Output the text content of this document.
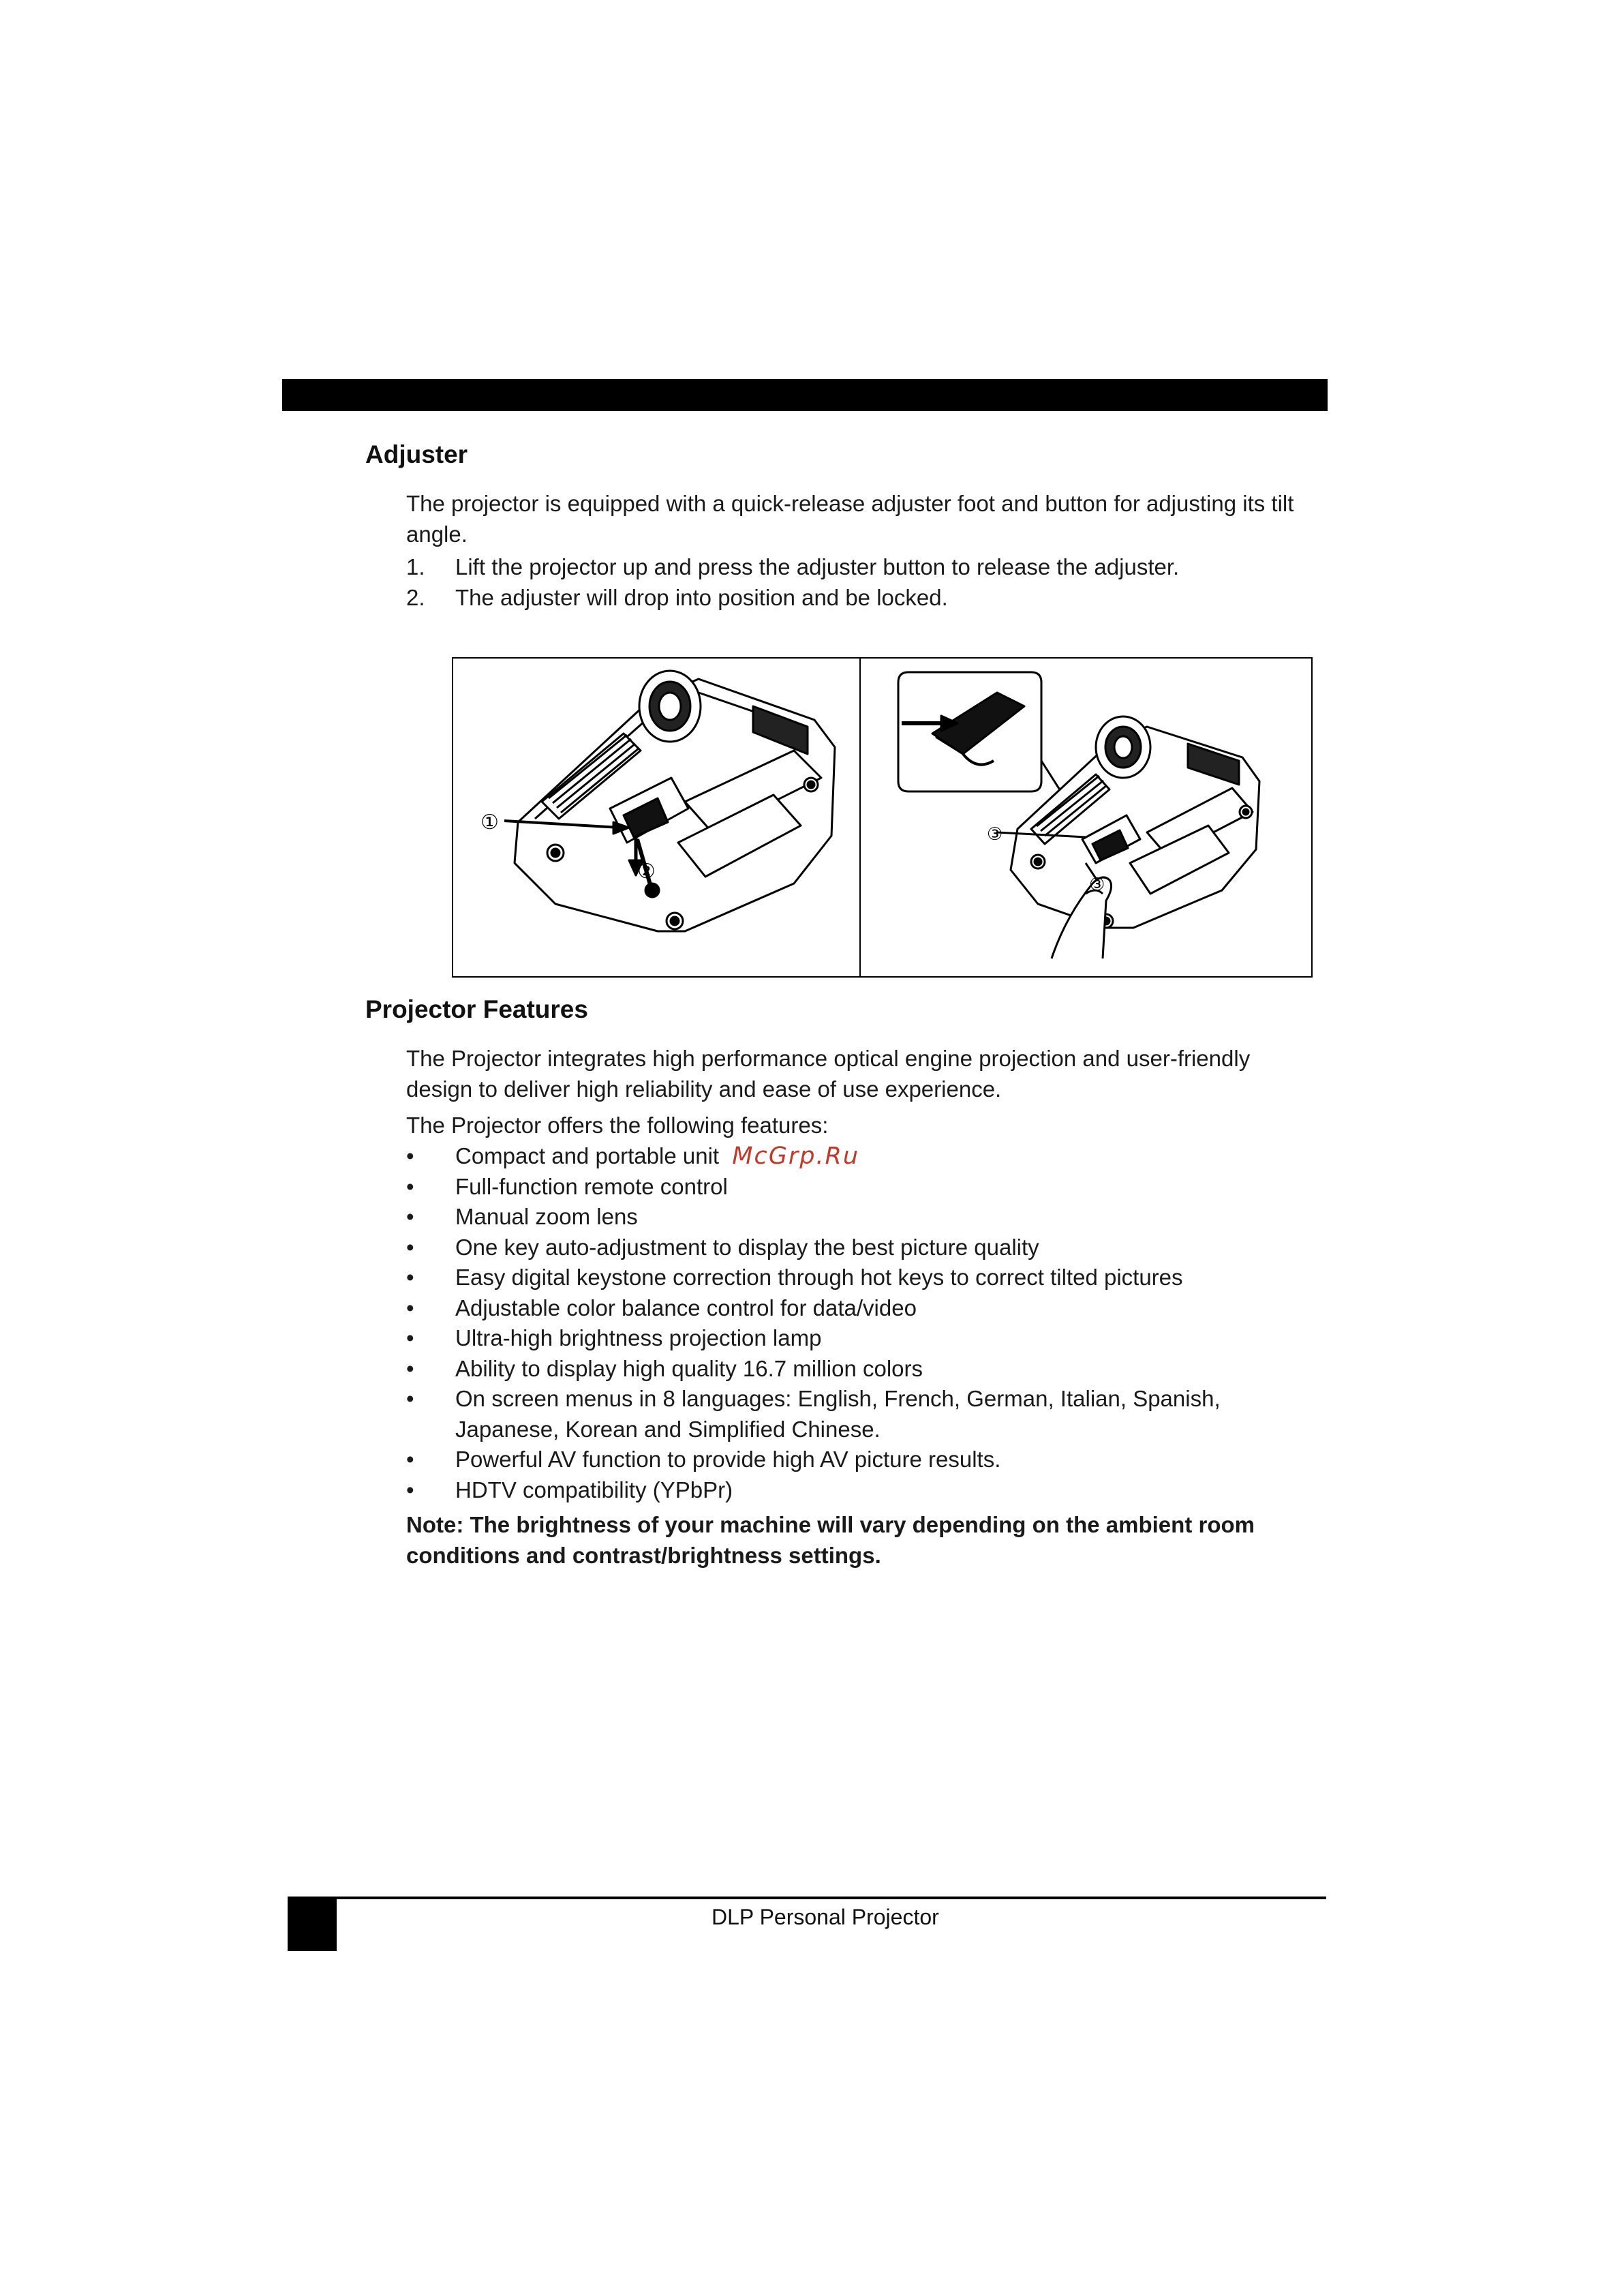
Adjuster

The projector is equipped with a quick-release adjuster foot and button for adjusting its tilt angle.

1. Lift the projector up and press the adjuster button to release the adjuster.
2. The adjuster will drop into position and be locked.
①
②
③
③
Projector Features

The Projector integrates high performance optical engine projection and user-friendly design to deliver high reliability and ease of use experience.

The Projector offers the following features:

• Compact and portable unit McGrp.Ru
• Full-function remote control
• Manual zoom lens
• One key auto-adjustment to display the best picture quality
• Easy digital keystone correction through hot keys to correct tilted pictures
• Adjustable color balance control for data/video
• Ultra-high brightness projection lamp
• Ability to display high quality 16.7 million colors
• On screen menus in 8 languages: English, French, German, Italian, Spanish, Japanese, Korean and Simplified Chinese.
• Powerful AV function to provide high AV picture results.
• HDTV compatibility (YPbPr)

Note: The brightness of your machine will vary depending on the ambient room conditions and contrast/brightness settings.

DLP Personal Projector
